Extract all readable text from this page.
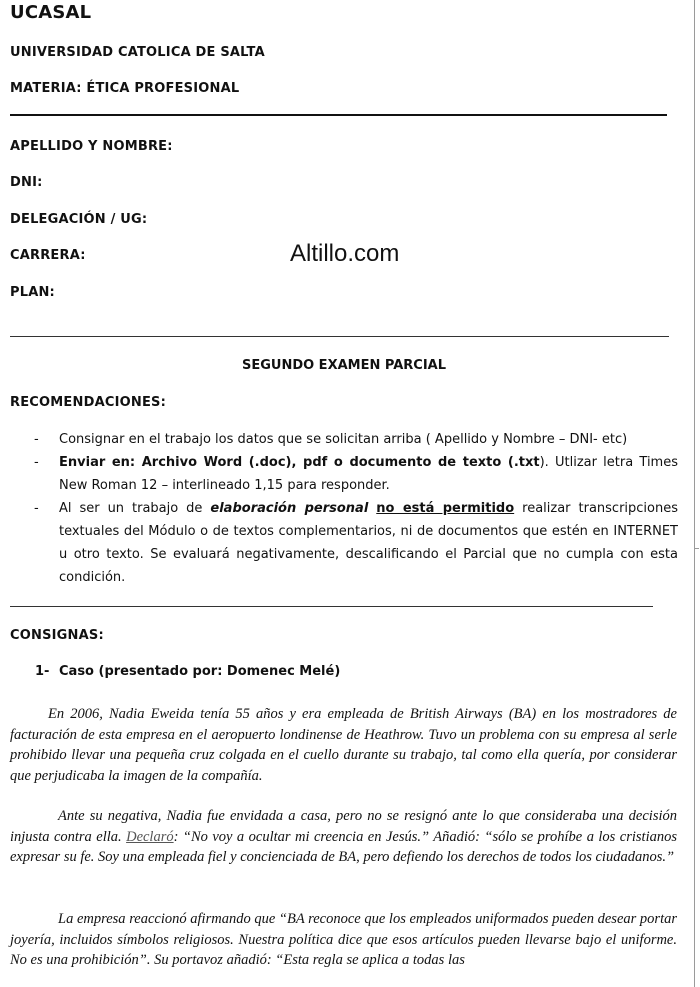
UCASAL
UNIVERSIDAD CATOLICA DE SALTA
MATERIA: ÉTICA PROFESIONAL
APELLIDO Y NOMBRE:
DNI:
DELEGACIÓN / UG:
CARRERA:
PLAN:
Altillo.com
SEGUNDO EXAMEN PARCIAL
RECOMENDACIONES:
- Consignar en el trabajo los datos que se solicitan arriba ( Apellido y Nombre – DNI- etc)
- Enviar en: Archivo Word (.doc), pdf o documento de texto (.txt). Utlizar letra Times New Roman 12 – interlineado 1,15 para responder.
- Al ser un trabajo de elaboración personal no está permitido realizar transcripciones textuales del Módulo o de textos complementarios, ni de documentos que estén en INTERNET u otro texto. Se evaluará negativamente, descalificando el Parcial que no cumpla con esta condición.
CONSIGNAS:
1- Caso (presentado por: Domenec Melé)

En 2006, Nadia Eweida tenía 55 años y era empleada de British Airways (BA) en los mostradores de facturación de esta empresa en el aeropuerto londinense de Heathrow. Tuvo un problema con su empresa al serle prohibido llevar una pequeña cruz colgada en el cuello durante su trabajo, tal como ella quería, por considerar que perjudicaba la imagen de la compañía.

Ante su negativa, Nadia fue envidada a casa, pero no se resignó ante lo que consideraba una decisión injusta contra ella. Declaró: “No voy a ocultar mi creencia en Jesús.” Añadió: “sólo se prohíbe a los cristianos expresar su fe. Soy una empleada fiel y concienciada de BA, pero defiendo los derechos de todos los ciudadanos.”

La empresa reaccionó afirmando que “BA reconoce que los empleados uniformados pueden desear portar joyería, incluidos símbolos religiosos. Nuestra política dice que esos artículos pueden llevarse bajo el uniforme. No es una prohibición”. Su portavoz añadió: “Esta regla se aplica a todas las
